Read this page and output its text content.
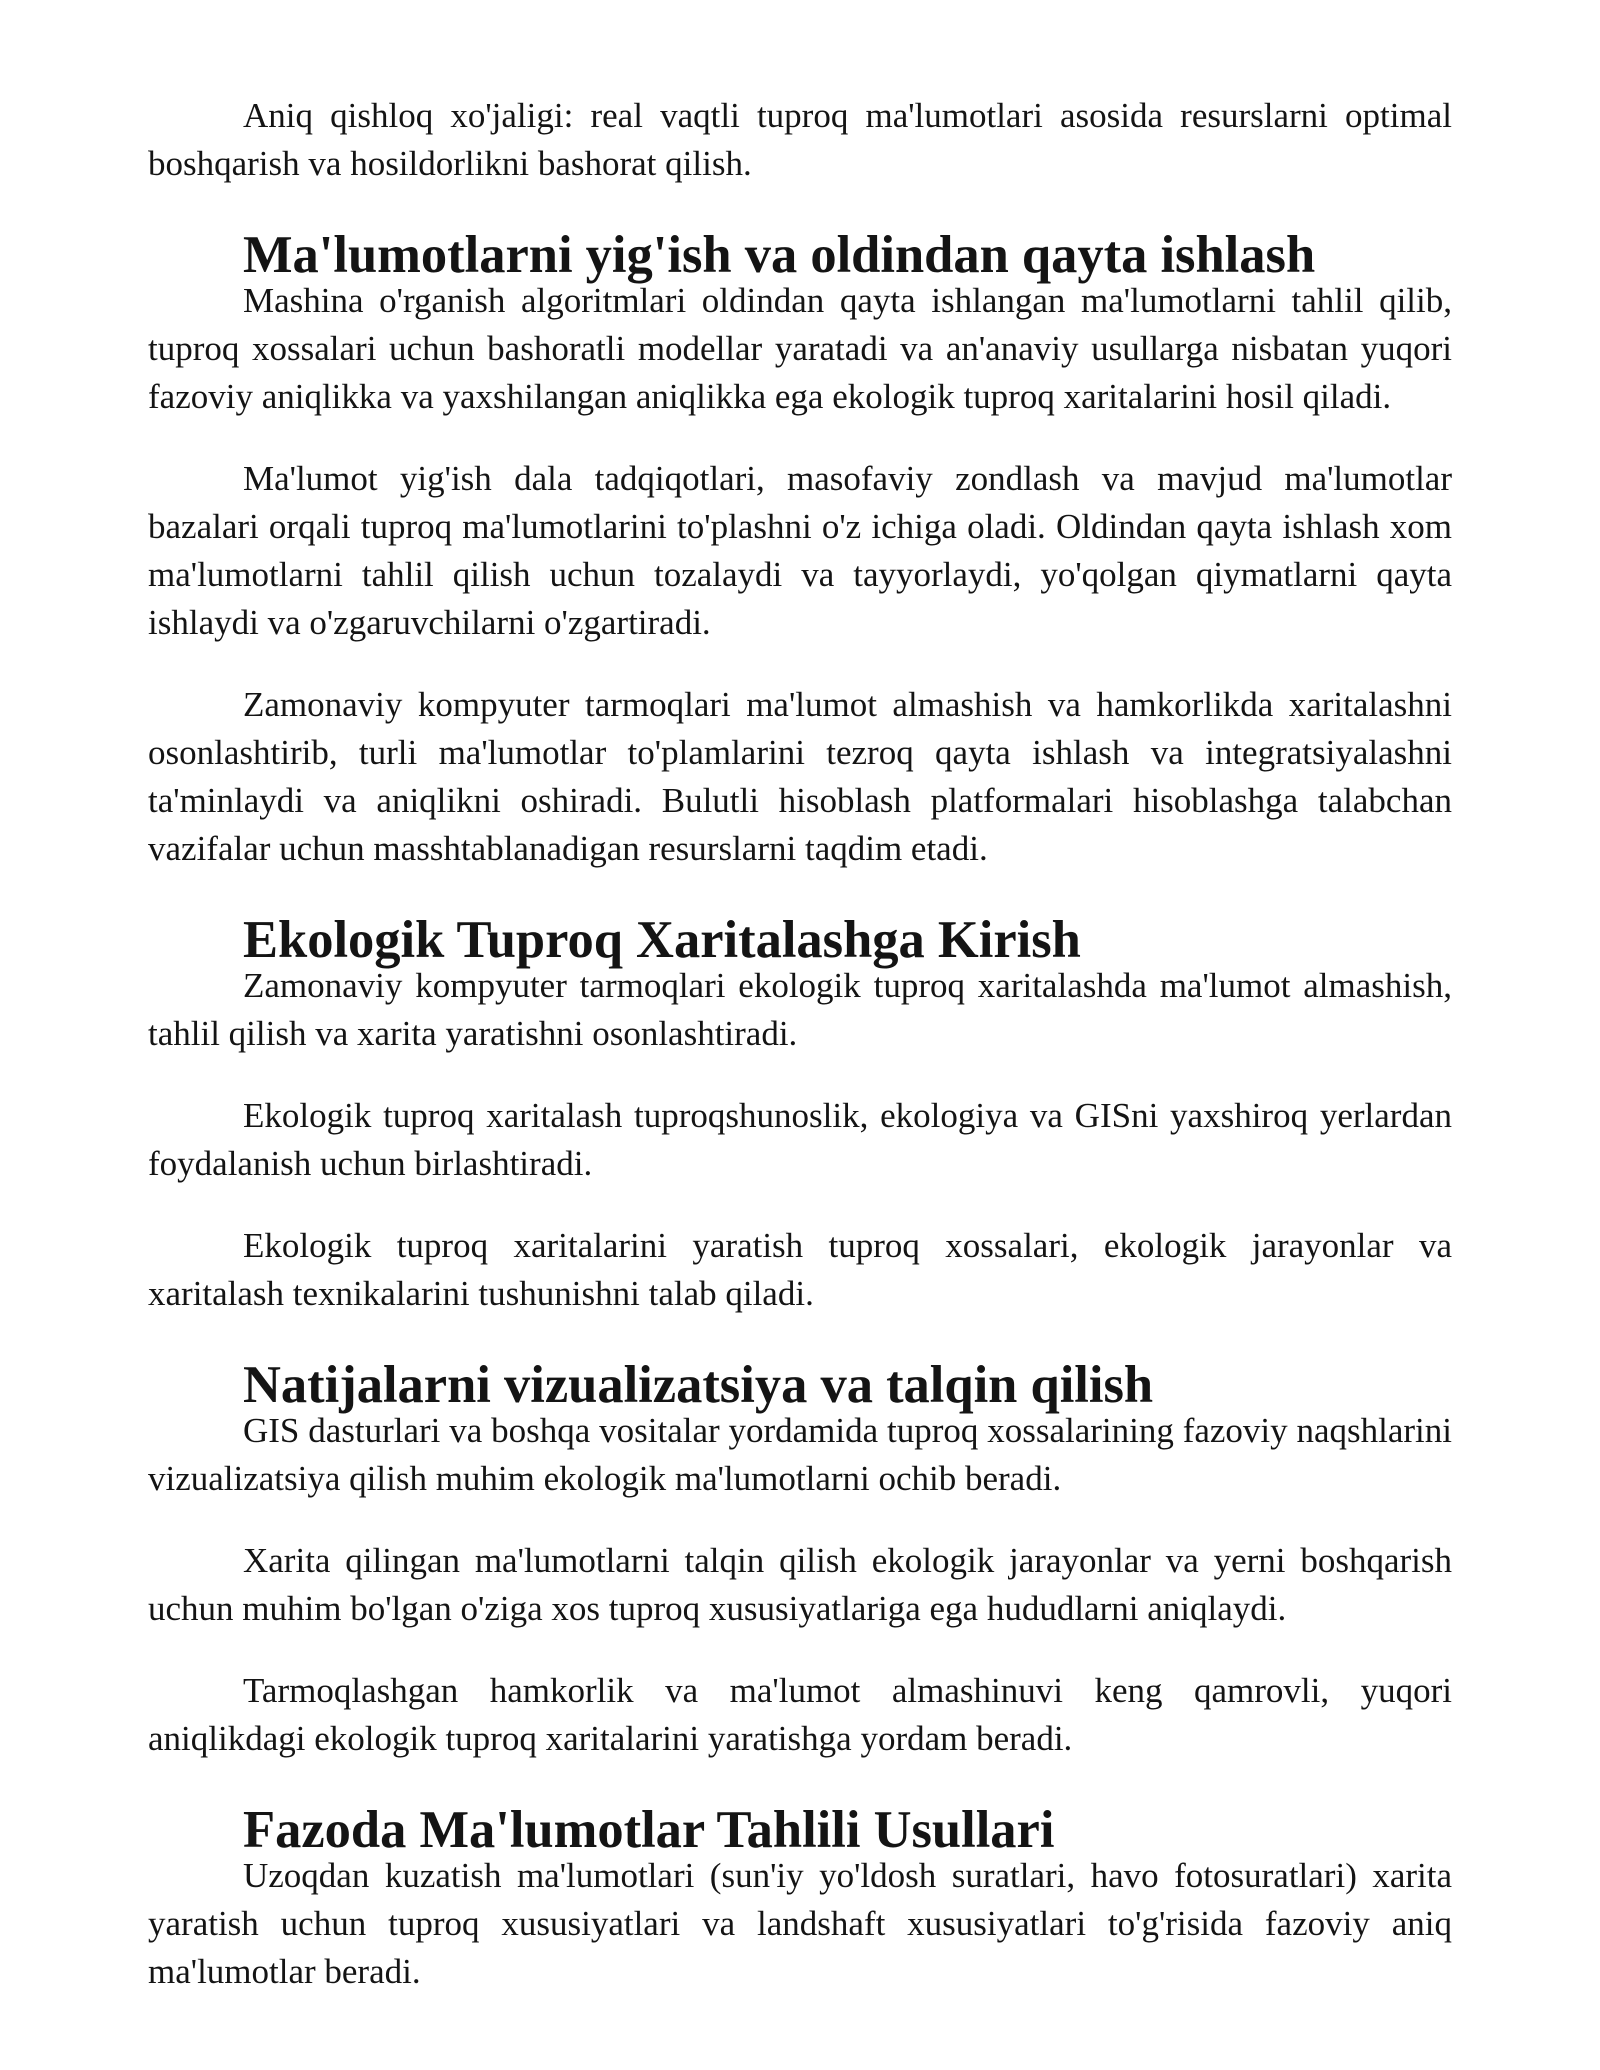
Aniq qishloq xo'jaligi: real vaqtli tuproq ma'lumotlari asosida resurslarni optimal boshqarish va hosildorlikni bashorat qilish.

Ma'lumotlarni yig'ish va oldindan qayta ishlash

Mashina o'rganish algoritmlari oldindan qayta ishlangan ma'lumotlarni tahlil qilib, tuproq xossalari uchun bashoratli modellar yaratadi va an'anaviy usullarga nisbatan yuqori fazoviy aniqlikka va yaxshilangan aniqlikka ega ekologik tuproq xaritalarini hosil qiladi.

Ma'lumot yig'ish dala tadqiqotlari, masofaviy zondlash va mavjud ma'lumotlar bazalari orqali tuproq ma'lumotlarini to'plashni o'z ichiga oladi. Oldindan qayta ishlash xom ma'lumotlarni tahlil qilish uchun tozalaydi va tayyorlaydi, yo'qolgan qiymatlarni qayta ishlaydi va o'zgaruvchilarni o'zgartiradi.

Zamonaviy kompyuter tarmoqlari ma'lumot almashish va hamkorlikda xaritalashni osonlashtirib, turli ma'lumotlar to'plamlarini tezroq qayta ishlash va integratsiyalashni ta'minlaydi va aniqlikni oshiradi. Bulutli hisoblash platformalari hisoblashga talabchan vazifalar uchun masshtablanadigan resurslarni taqdim etadi.

Ekologik Tuproq Xaritalashga Kirish

Zamonaviy kompyuter tarmoqlari ekologik tuproq xaritalashda ma'lumot almashish, tahlil qilish va xarita yaratishni osonlashtiradi.

Ekologik tuproq xaritalash tuproqshunoslik, ekologiya va GISni yaxshiroq yerlardan foydalanish uchun birlashtiradi.

Ekologik tuproq xaritalarini yaratish tuproq xossalari, ekologik jarayonlar va xaritalash texnikalarini tushunishni talab qiladi.

Natijalarni vizualizatsiya va talqin qilish

GIS dasturlari va boshqa vositalar yordamida tuproq xossalarining fazoviy naqshlarini vizualizatsiya qilish muhim ekologik ma'lumotlarni ochib beradi.

Xarita qilingan ma'lumotlarni talqin qilish ekologik jarayonlar va yerni boshqarish uchun muhim bo'lgan o'ziga xos tuproq xususiyatlariga ega hududlarni aniqlaydi.

Tarmoqlashgan hamkorlik va ma'lumot almashinuvi keng qamrovli, yuqori aniqlikdagi ekologik tuproq xaritalarini yaratishga yordam beradi.

Fazoda Ma'lumotlar Tahlili Usullari

Uzoqdan kuzatish ma'lumotlari (sun'iy yo'ldosh suratlari, havo fotosuratlari) xarita yaratish uchun tuproq xususiyatlari va landshaft xususiyatlari to'g'risida fazoviy aniq ma'lumotlar beradi.
